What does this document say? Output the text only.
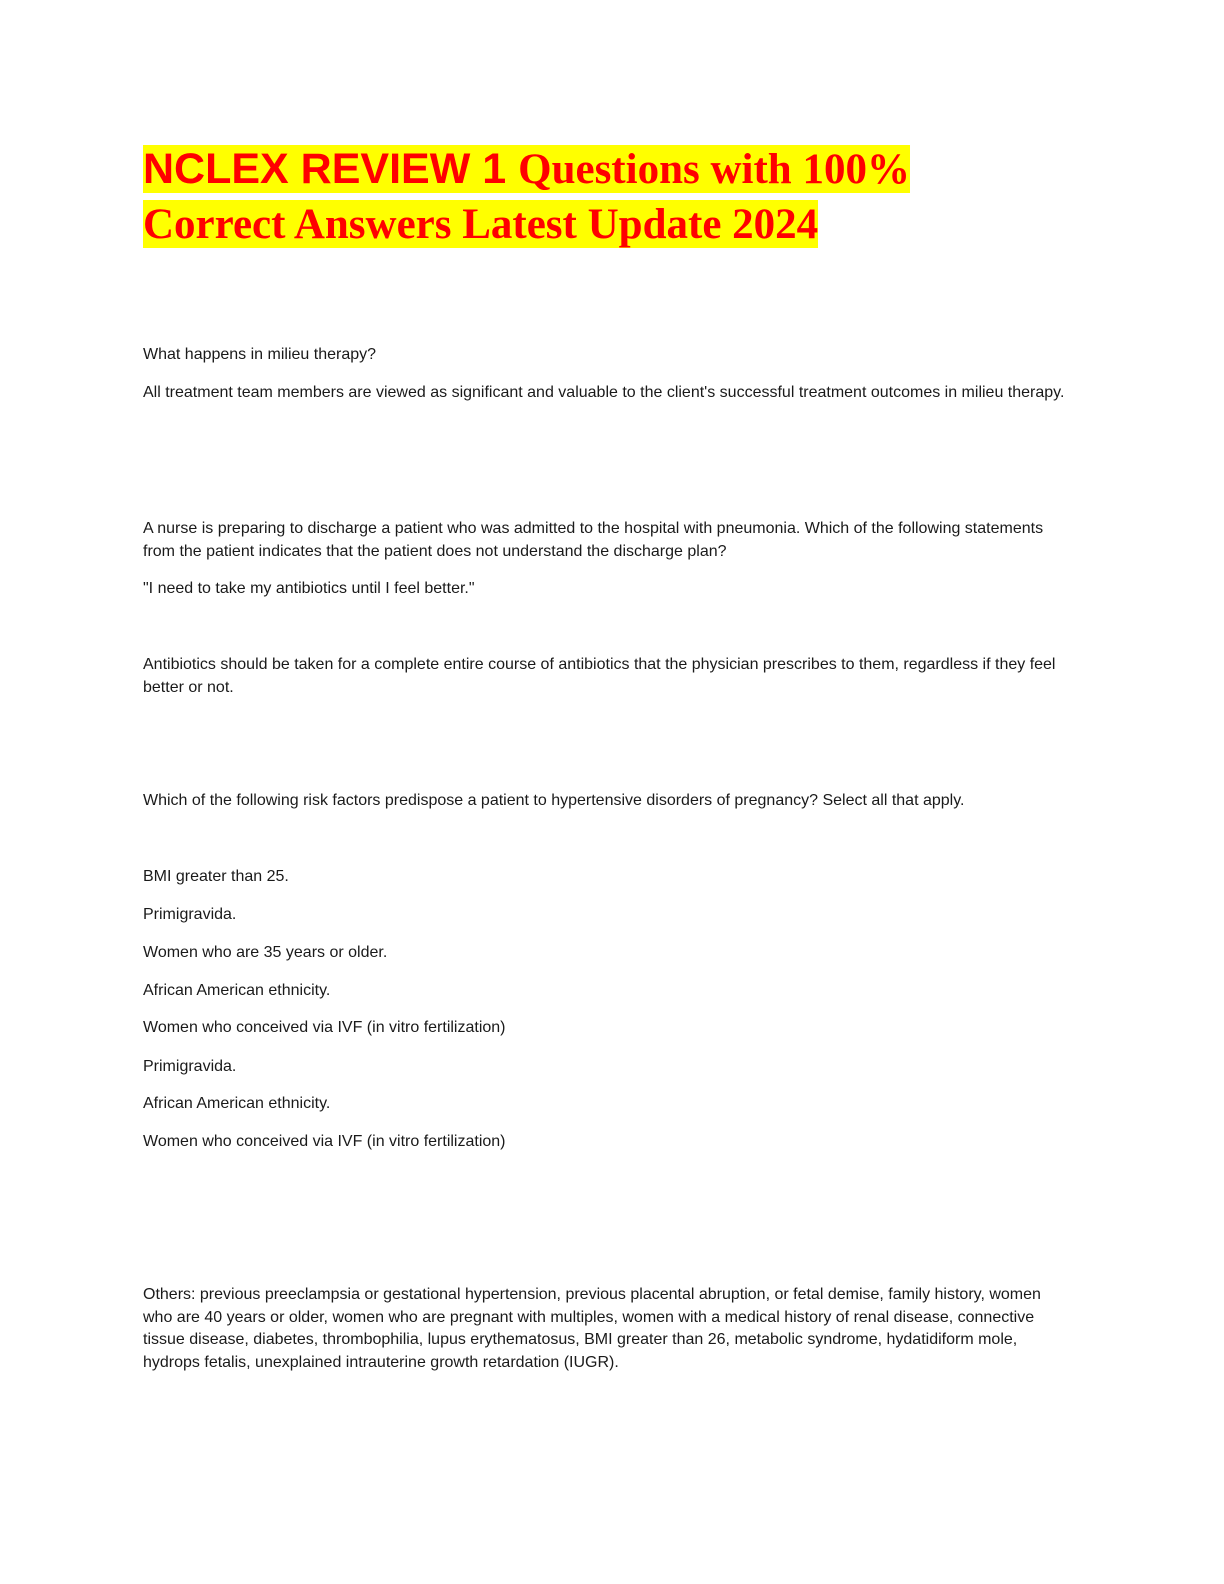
NCLEX REVIEW 1 Questions with 100% Correct Answers Latest Update 2024

What happens in milieu therapy?

All treatment team members are viewed as significant and valuable to the client's successful treatment outcomes in milieu therapy.

A nurse is preparing to discharge a patient who was admitted to the hospital with pneumonia. Which of the following statements from the patient indicates that the patient does not understand the discharge plan?

"I need to take my antibiotics until I feel better."

Antibiotics should be taken for a complete entire course of antibiotics that the physician prescribes to them, regardless if they feel better or not.

Which of the following risk factors predispose a patient to hypertensive disorders of pregnancy? Select all that apply.

BMI greater than 25.

Primigravida.

Women who are 35 years or older.

African American ethnicity.

Women who conceived via IVF (in vitro fertilization)

Primigravida.

African American ethnicity.

Women who conceived via IVF (in vitro fertilization)

Others: previous preeclampsia or gestational hypertension, previous placental abruption, or fetal demise, family history, women who are 40 years or older, women who are pregnant with multiples, women with a medical history of renal disease, connective tissue disease, diabetes, thrombophilia, lupus erythematosus, BMI greater than 26, metabolic syndrome, hydatidiform mole, hydrops fetalis, unexplained intrauterine growth retardation (IUGR).
